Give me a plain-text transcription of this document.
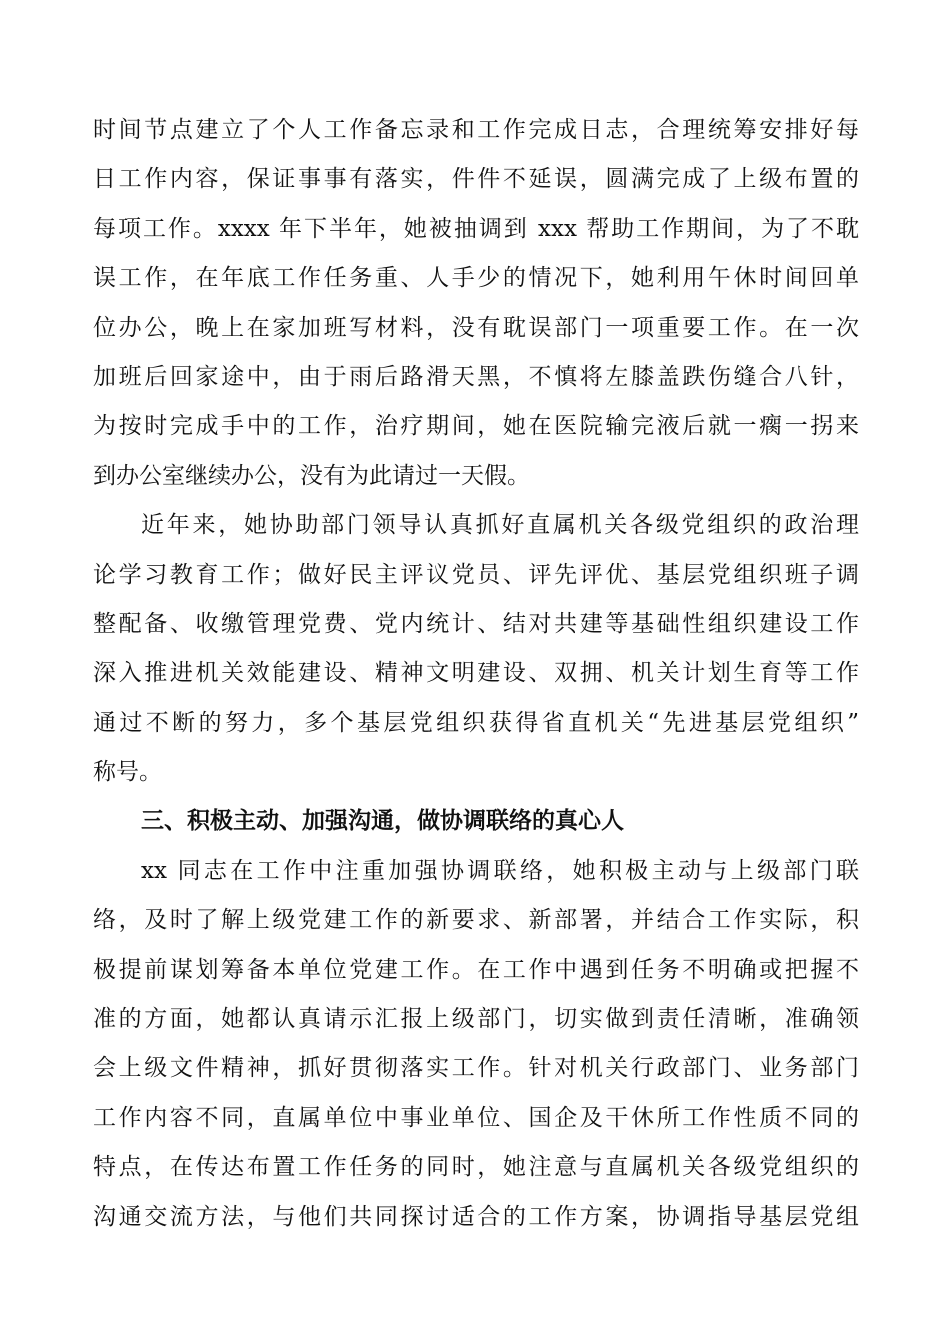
时间节点建立了个人工作备忘录和工作完成日志，合理统筹安排好每
日工作内容，保证事事有落实，件件不延误，圆满完成了上级布置的
每项工作。xxxx 年下半年，她被抽调到 xxx 帮助工作期间，为了不耽
误工作，在年底工作任务重、人手少的情况下，她利用午休时间回单
位办公，晚上在家加班写材料，没有耽误部门一项重要工作。在一次
加班后回家途中，由于雨后路滑天黑，不慎将左膝盖跌伤缝合八针，
为按时完成手中的工作，治疗期间，她在医院输完液后就一瘸一拐来
到办公室继续办公，没有为此请过一天假。
近年来，她协助部门领导认真抓好直属机关各级党组织的政治理
论学习教育工作；做好民主评议党员、评先评优、基层党组织班子调
整配备、收缴管理党费、党内统计、结对共建等基础性组织建设工作
深入推进机关效能建设、精神文明建设、双拥、机关计划生育等工作
通过不断的努力，多个基层党组织获得省直机关“先进基层党组织”
称号。
三、积极主动、加强沟通，做协调联络的真心人
xx 同志在工作中注重加强协调联络，她积极主动与上级部门联
络，及时了解上级党建工作的新要求、新部署，并结合工作实际，积
极提前谋划筹备本单位党建工作。在工作中遇到任务不明确或把握不
准的方面，她都认真请示汇报上级部门，切实做到责任清晰，准确领
会上级文件精神，抓好贯彻落实工作。针对机关行政部门、业务部门
工作内容不同，直属单位中事业单位、国企及干休所工作性质不同的
特点，在传达布置工作任务的同时，她注意与直属机关各级党组织的
沟通交流方法，与他们共同探讨适合的工作方案，协调指导基层党组
